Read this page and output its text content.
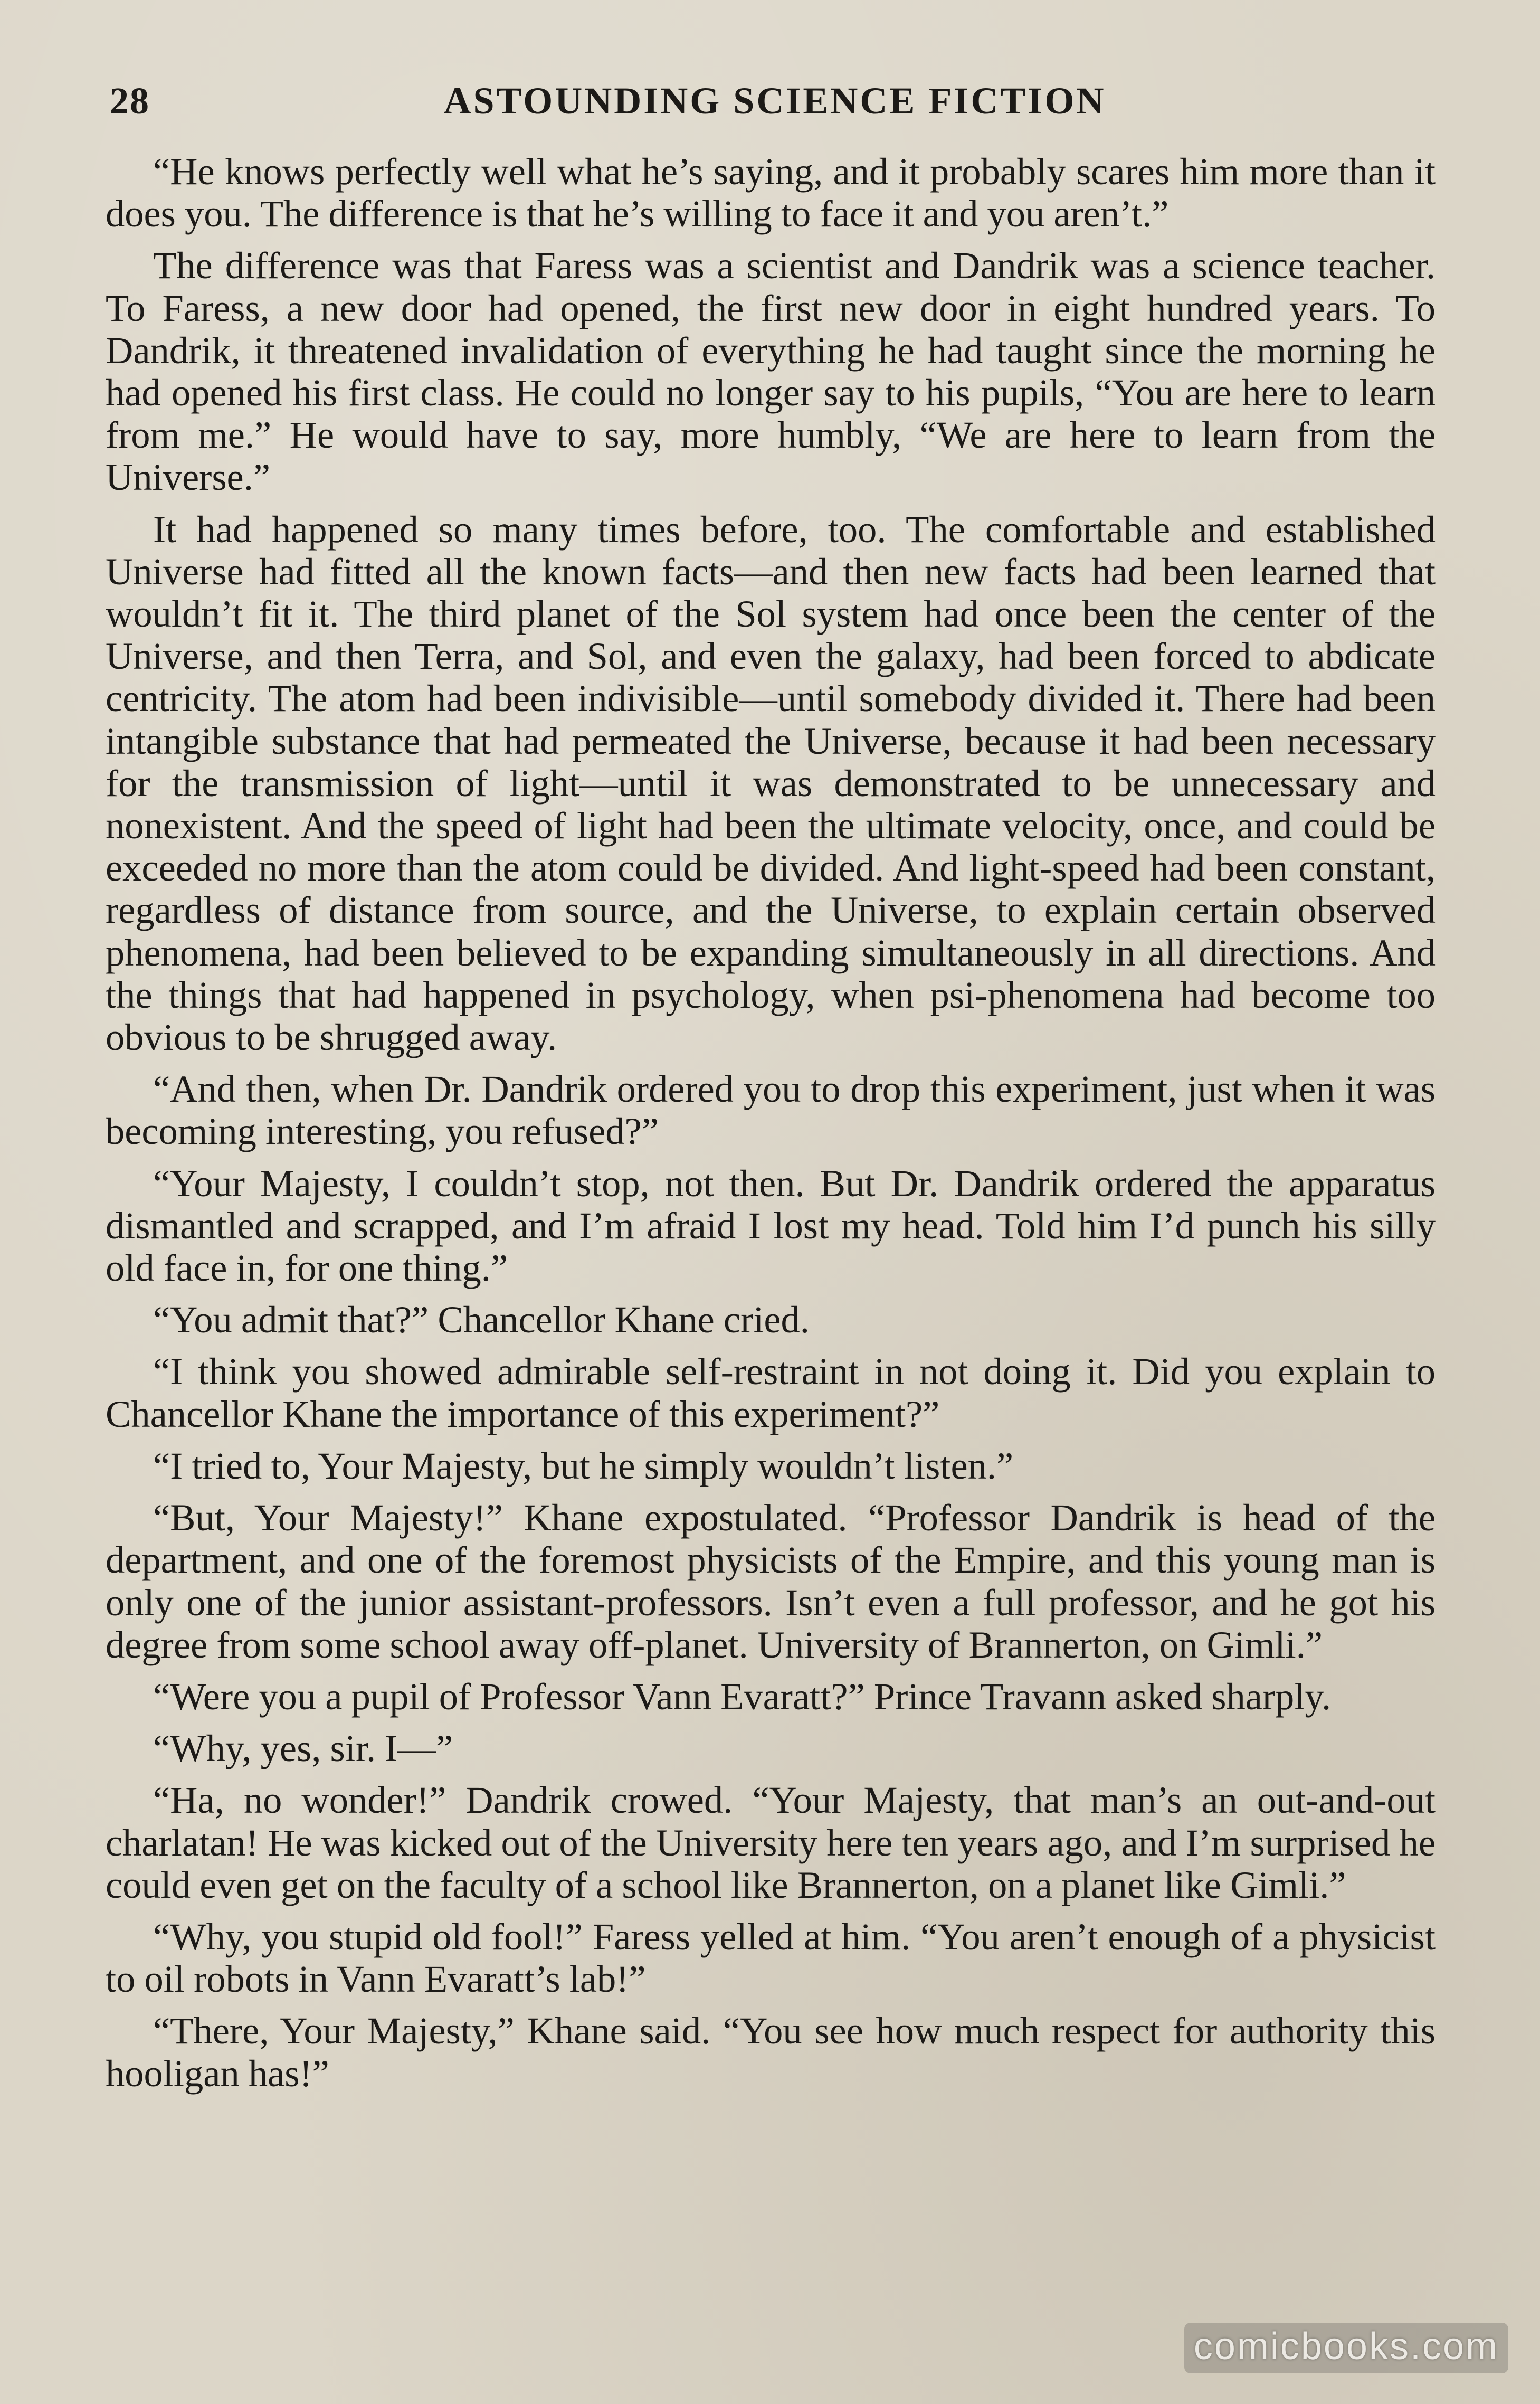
28	ASTOUNDING SCIENCE FICTION

“He knows perfectly well what he’s saying, and it probably scares him more than it does you. The difference is that he’s willing to face it and you aren’t.”

The difference was that Faress was a scientist and Dandrik was a science teacher. To Faress, a new door had opened, the first new door in eight hundred years. To Dandrik, it threatened invalidation of everything he had taught since the morning he had opened his first class. He could no longer say to his pupils, “You are here to learn from me.” He would have to say, more humbly, “We are here to learn from the Universe.”

It had happened so many times before, too. The comfortable and established Universe had fitted all the known facts—and then new facts had been learned that wouldn’t fit it. The third planet of the Sol system had once been the center of the Universe, and then Terra, and Sol, and even the galaxy, had been forced to abdicate centricity. The atom had been indivisible—until somebody divided it. There had been intangible substance that had permeated the Universe, because it had been necessary for the transmission of light—until it was demonstrated to be unnecessary and nonexistent. And the speed of light had been the ultimate velocity, once, and could be exceeded no more than the atom could be divided. And light-speed had been constant, regardless of distance from source, and the Universe, to explain certain observed phenomena, had been believed to be expanding simultaneously in all directions. And the things that had happened in psychology, when psi-phenomena had become too obvious to be shrugged away.

“And then, when Dr. Dandrik ordered you to drop this experiment, just when it was becoming interesting, you refused?”

“Your Majesty, I couldn’t stop, not then. But Dr. Dandrik ordered the apparatus dismantled and scrapped, and I’m afraid I lost my head. Told him I’d punch his silly old face in, for one thing.”

“You admit that?” Chancellor Khane cried.

“I think you showed admirable self-restraint in not doing it. Did you explain to Chancellor Khane the importance of this experiment?”

“I tried to, Your Majesty, but he simply wouldn’t listen.”

“But, Your Majesty!” Khane expostulated. “Professor Dandrik is head of the department, and one of the foremost physicists of the Empire, and this young man is only one of the junior assistant-professors. Isn’t even a full professor, and he got his degree from some school away off-planet. University of Brannerton, on Gimli.”

“Were you a pupil of Professor Vann Evaratt?” Prince Travann asked sharply.

“Why, yes, sir. I—”

“Ha, no wonder!” Dandrik crowed. “Your Majesty, that man’s an out-and-out charlatan! He was kicked out of the University here ten years ago, and I’m surprised he could even get on the faculty of a school like Brannerton, on a planet like Gimli.”

“Why, you stupid old fool!” Faress yelled at him. “You aren’t enough of a physicist to oil robots in Vann Evaratt’s lab!”

“There, Your Majesty,” Khane said. “You see how much respect for authority this hooligan has!”

comicbooks.com
